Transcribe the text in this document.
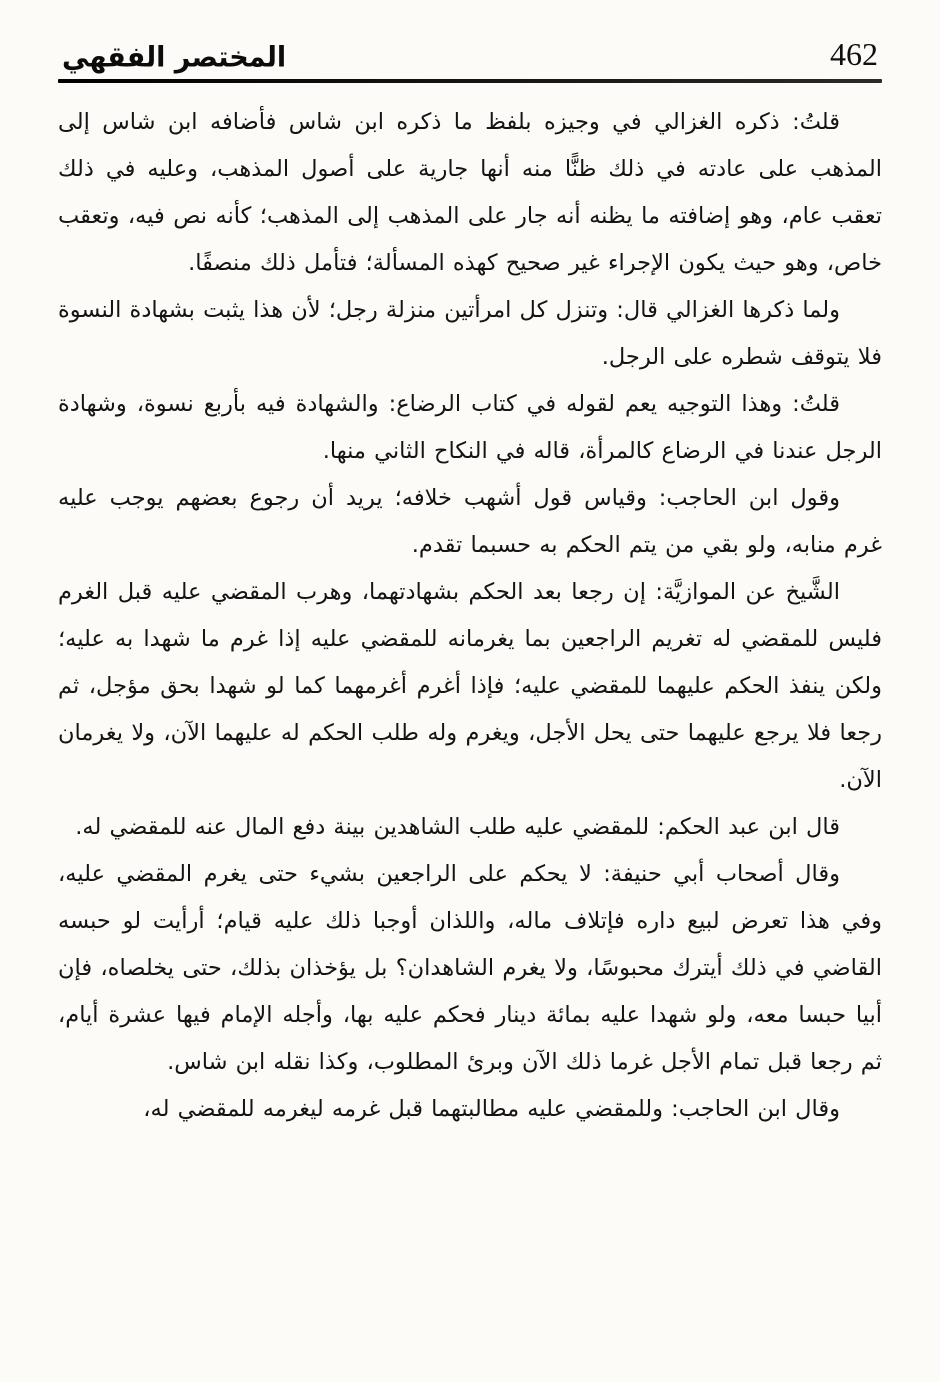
المختصر الفقهي	462

قلتُ: ذكره الغزالي في وجيزه بلفظ ما ذكره ابن شاس فأضافه ابن شاس إلى المذهب على عادته في ذلك ظنًّا منه أنها جارية على أصول المذهب، وعليه في ذلك تعقب عام، وهو إضافته ما يظنه أنه جار على المذهب إلى المذهب؛ كأنه نص فيه، وتعقب خاص، وهو حيث يكون الإجراء غير صحيح كهذه المسألة؛ فتأمل ذلك منصفًا.

ولما ذكرها الغزالي قال: وتنزل كل امرأتين منزلة رجل؛ لأن هذا يثبت بشهادة النسوة فلا يتوقف شطره على الرجل.

قلتُ: وهذا التوجيه يعم لقوله في كتاب الرضاع: والشهادة فيه بأربع نسوة، وشهادة الرجل عندنا في الرضاع كالمرأة، قاله في النكاح الثاني منها.

وقول ابن الحاجب: وقياس قول أشهب خلافه؛ يريد أن رجوع بعضهم يوجب عليه غرم منابه، ولو بقي من يتم الحكم به حسبما تقدم.

الشَّيخ عن الموازيَّة: إن رجعا بعد الحكم بشهادتهما، وهرب المقضي عليه قبل الغرم فليس للمقضي له تغريم الراجعين بما يغرمانه للمقضي عليه إذا غرم ما شهدا به عليه؛ ولكن ينفذ الحكم عليهما للمقضي عليه؛ فإذا أغرم أغرمهما كما لو شهدا بحق مؤجل، ثم رجعا فلا يرجع عليهما حتى يحل الأجل، ويغرم وله طلب الحكم له عليهما الآن، ولا يغرمان الآن.

قال ابن عبد الحكم: للمقضي عليه طلب الشاهدين بينة دفع المال عنه للمقضي له.

وقال أصحاب أبي حنيفة: لا يحكم على الراجعين بشيء حتى يغرم المقضي عليه، وفي هذا تعرض لبيع داره فإتلاف ماله، واللذان أوجبا ذلك عليه قيام؛ أرأيت لو حبسه القاضي في ذلك أيترك محبوسًا، ولا يغرم الشاهدان؟ بل يؤخذان بذلك، حتى يخلصاه، فإن أبيا حبسا معه، ولو شهدا عليه بمائة دينار فحكم عليه بها، وأجله الإمام فيها عشرة أيام، ثم رجعا قبل تمام الأجل غرما ذلك الآن وبرئ المطلوب، وكذا نقله ابن شاس.

وقال ابن الحاجب: وللمقضي عليه مطالبتهما قبل غرمه ليغرمه للمقضي له،
